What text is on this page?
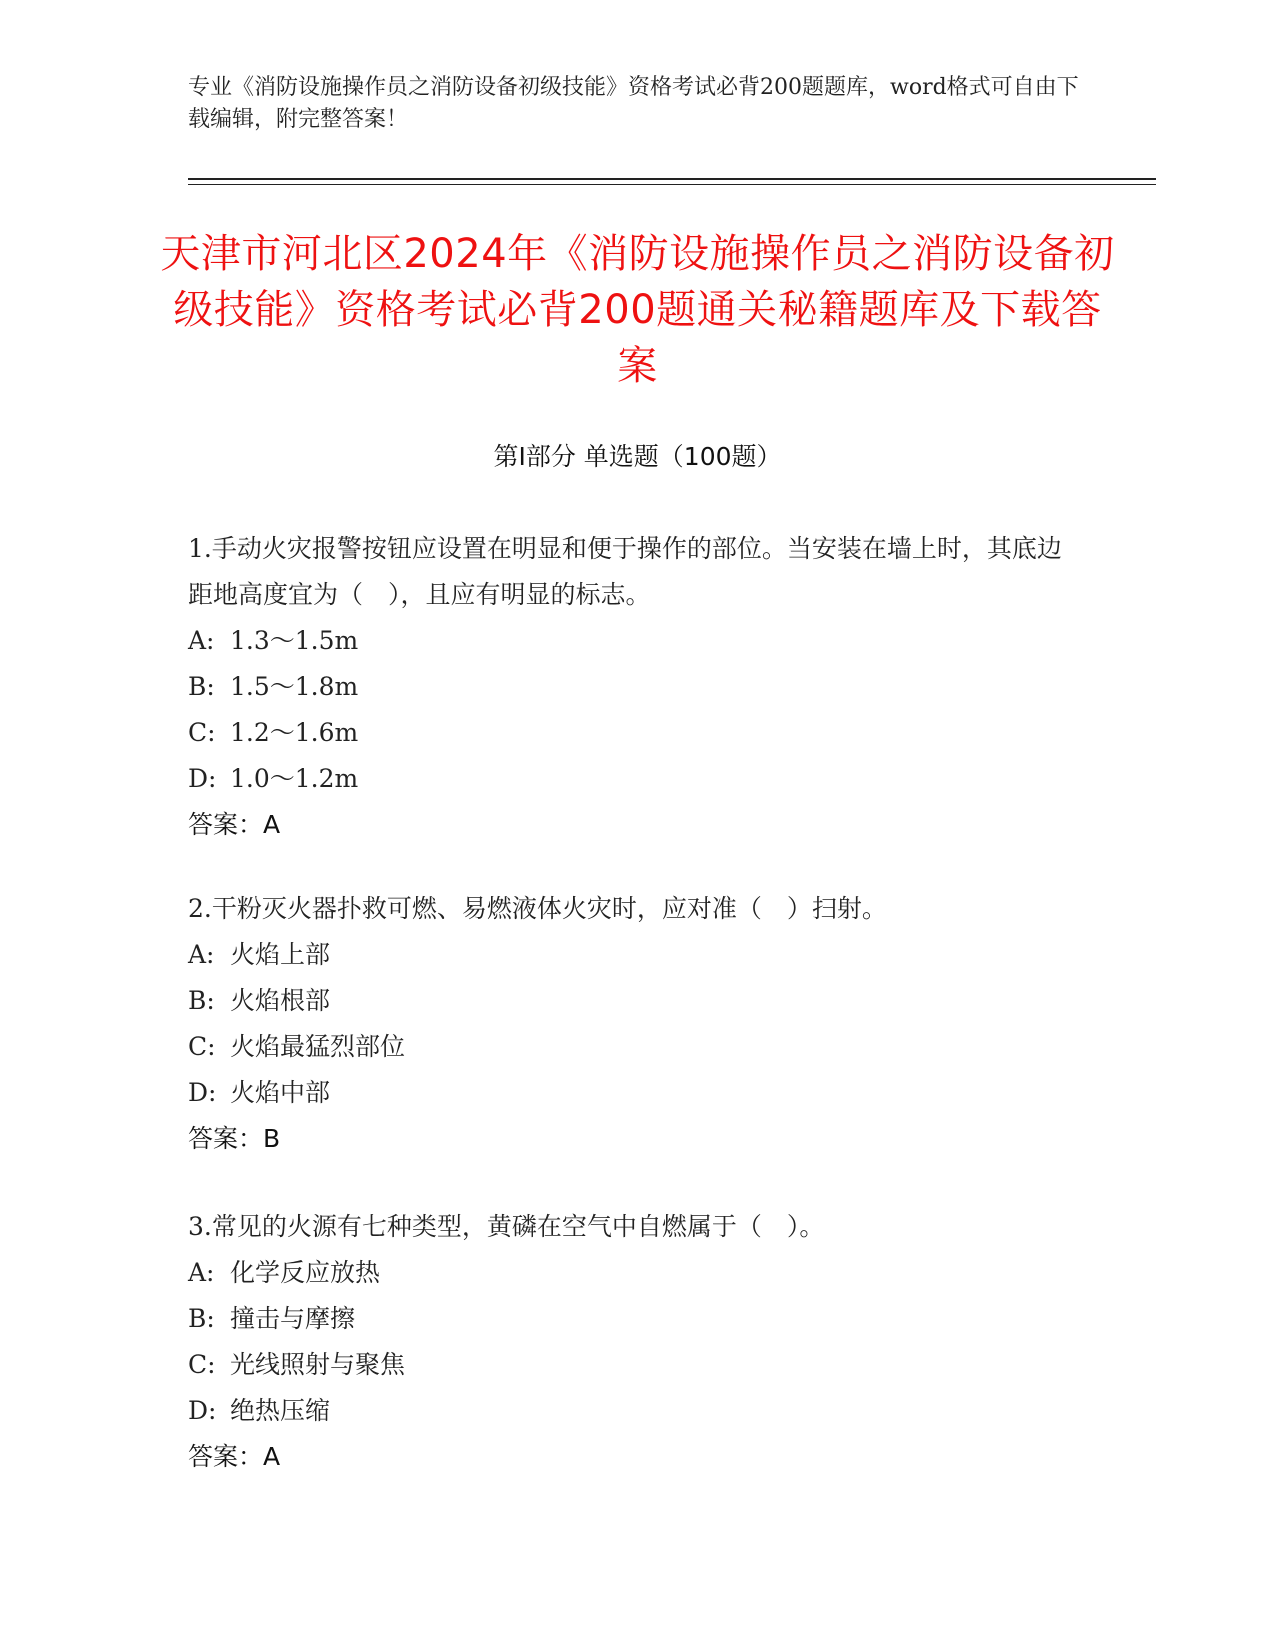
专业《消防设施操作员之消防设备初级技能》资格考试必背200题题库，word格式可自由下载编辑，附完整答案！
天津市河北区2024年《消防设施操作员之消防设备初级技能》资格考试必背200题通关秘籍题库及下载答案
第Ⅰ部分 单选题（100题）

1.手动火灾报警按钮应设置在明显和便于操作的部位。当安装在墙上时，其底边距地高度宜为（　），且应有明显的标志。

A: 1.3～1.5m

B: 1.5～1.8m

C: 1.2～1.6m

D: 1.0～1.2m

答案：A

2.干粉灭火器扑救可燃、易燃液体火灾时，应对准（　）扫射。

A: 火焰上部

B: 火焰根部

C: 火焰最猛烈部位

D: 火焰中部

答案：B

3.常见的火源有七种类型，黄磷在空气中自燃属于（　）。

A: 化学反应放热

B: 撞击与摩擦

C: 光线照射与聚焦

D: 绝热压缩

答案：A
